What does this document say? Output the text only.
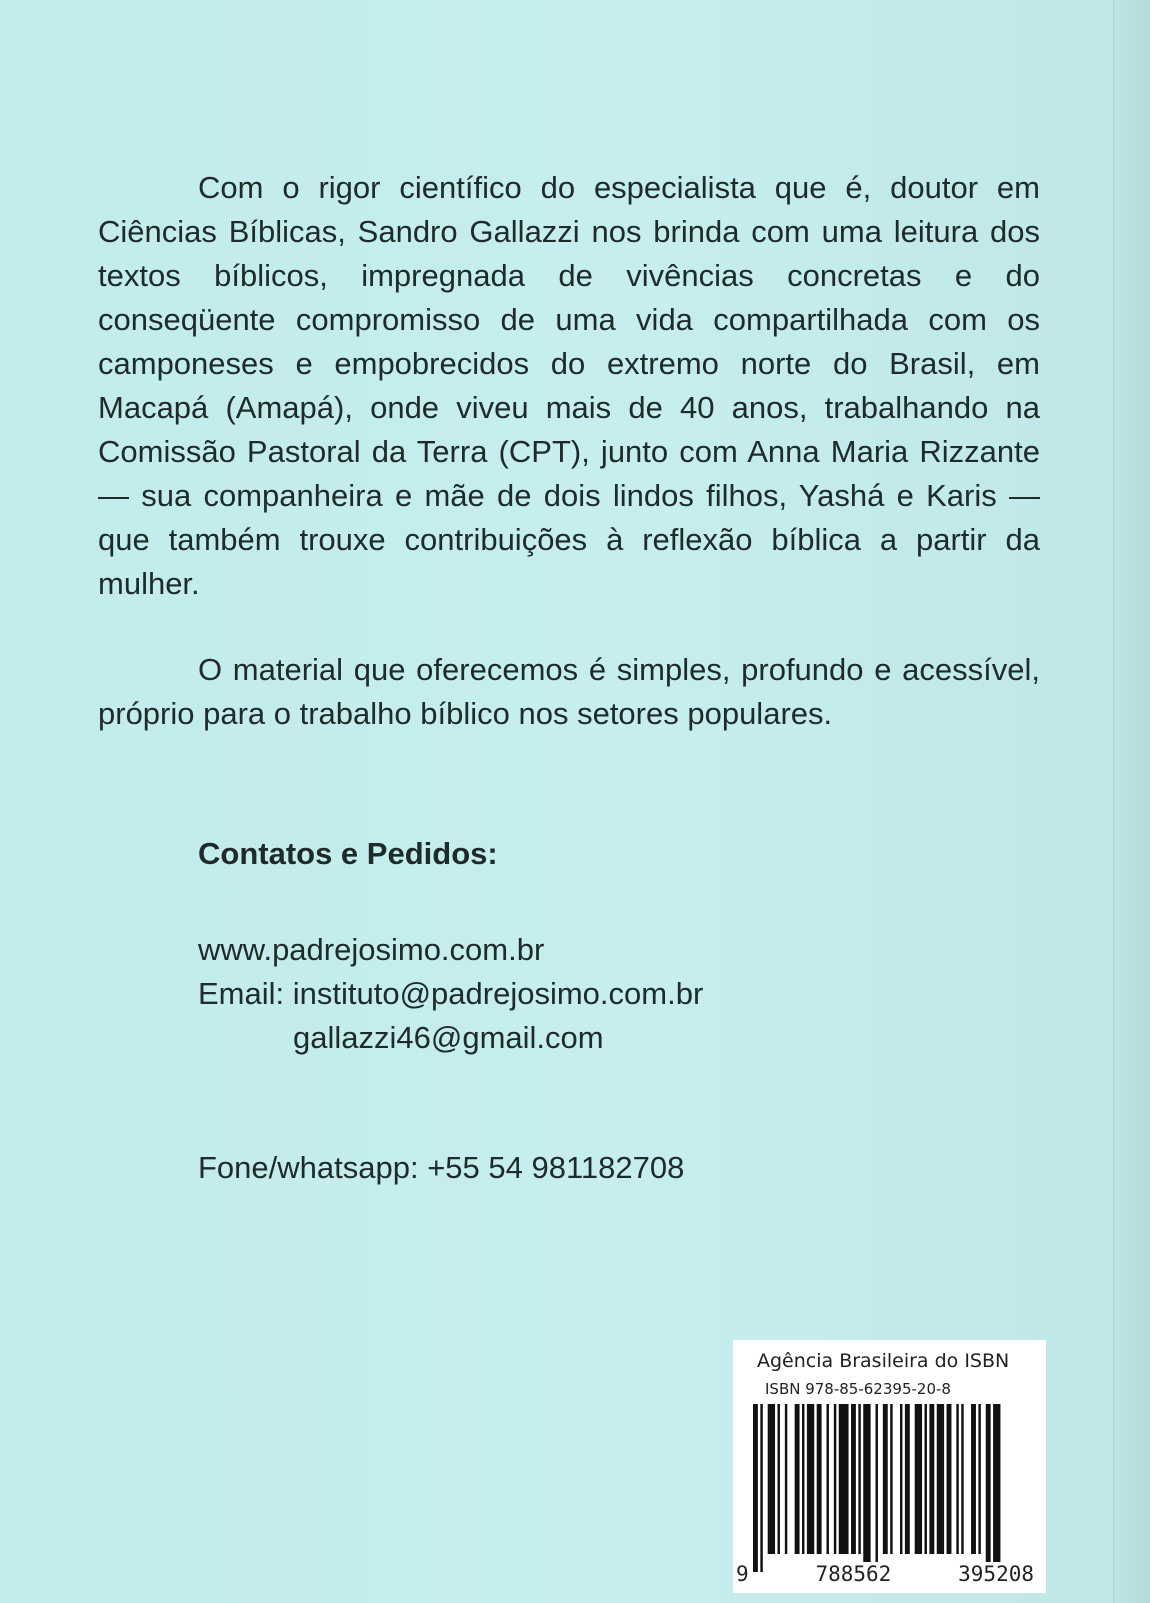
Com o rigor científico do especialista que é, doutor em Ciências Bíblicas, Sandro Gallazzi nos brinda com uma leitura dos textos bíblicos, impregnada de vivências concretas e do conseqüente compromisso de uma vida compartilhada com os camponeses e empobrecidos do extremo norte do Brasil, em Macapá (Amapá), onde viveu mais de 40 anos, trabalhando na Comissão Pastoral da Terra (CPT), junto com Anna Maria Rizzante — sua companheira e mãe de dois lindos filhos, Yashá e Karis — que também trouxe contribuições à reflexão bíblica a partir da mulher.

O material que oferecemos é simples, profundo e acessível, próprio para o trabalho bíblico nos setores populares.

Contatos e Pedidos:

www.padrejosimo.com.br

Email: instituto@padrejosimo.com.br

gallazzi46@gmail.com

Fone/whatsapp: +55 54 981182708

Agência Brasileira do ISBN
ISBN 978-85-62395-20-8
9	788562	395208
